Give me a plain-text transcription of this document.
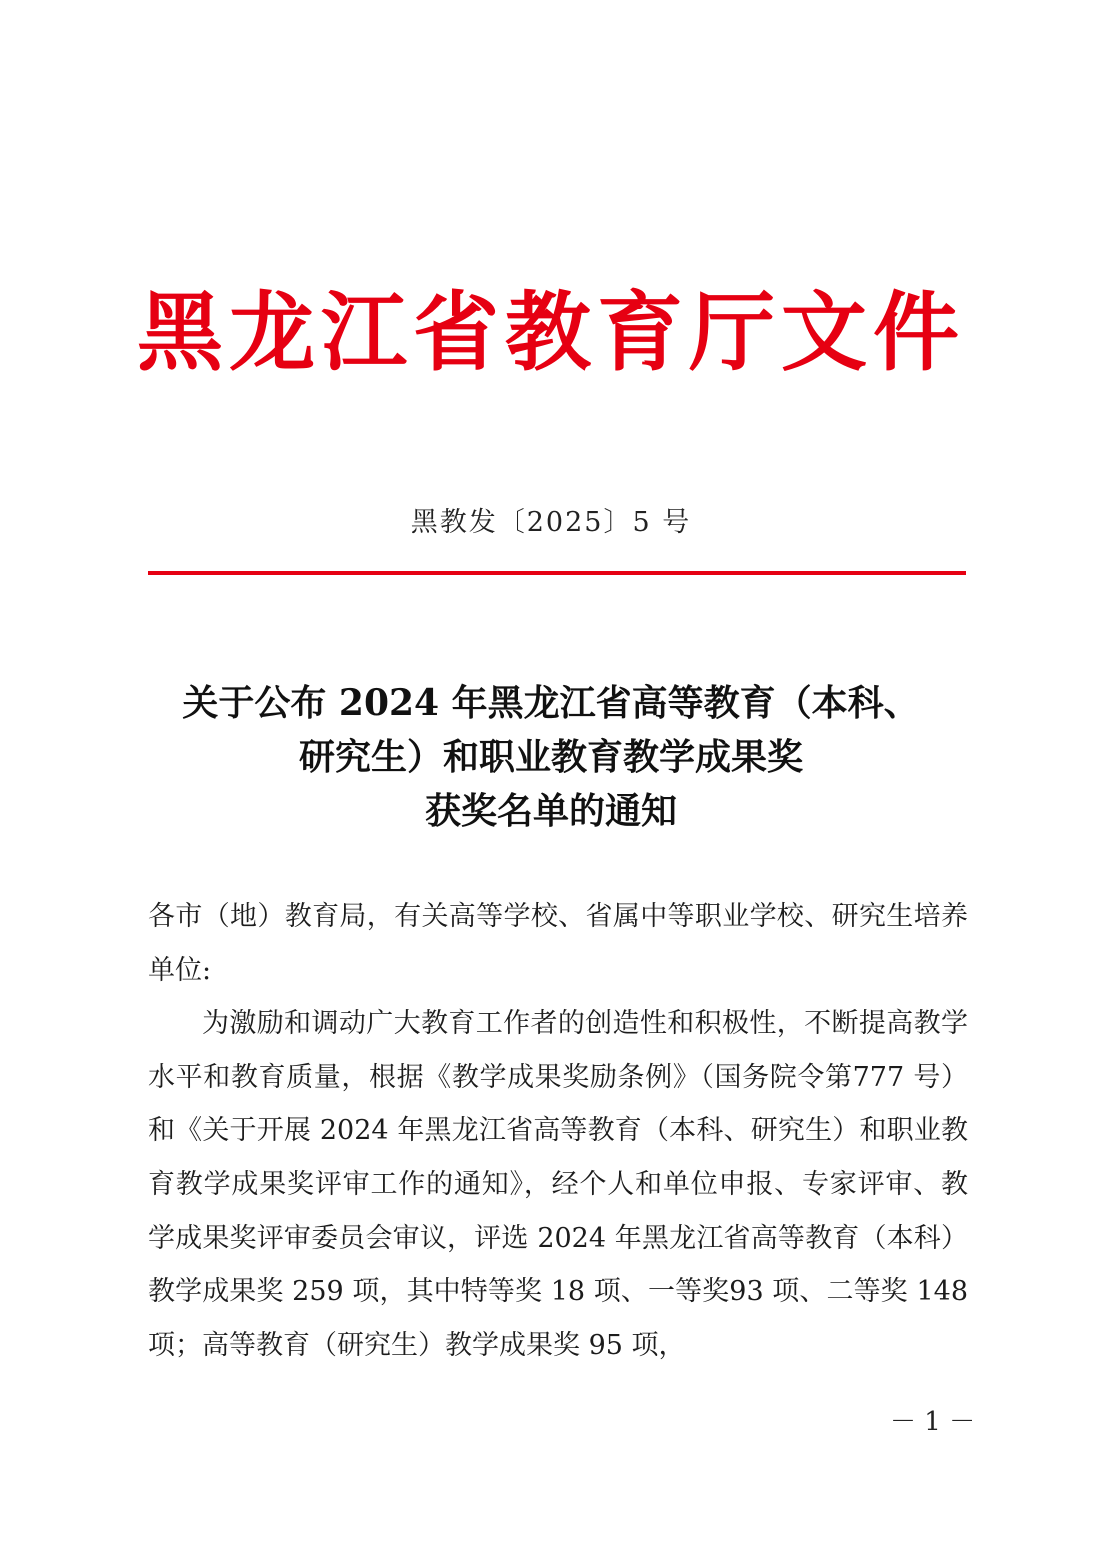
黑龙江省教育厅文件
黑教发〔2025〕5 号
关于公布 2024 年黑龙江省高等教育（本科、
研究生）和职业教育教学成果奖
获奖名单的通知

各市（地）教育局，有关高等学校、省属中等职业学校、研究生培养单位:

为激励和调动广大教育工作者的创造性和积极性，不断提高教学水平和教育质量，根据《教学成果奖励条例》（国务院令第777 号）和《关于开展 2024 年黑龙江省高等教育（本科、研究生）和职业教育教学成果奖评审工作的通知》，经个人和单位申报、专家评审、教学成果奖评审委员会审议，评选 2024 年黑龙江省高等教育（本科）教学成果奖 259 项，其中特等奖 18 项、一等奖93 项、二等奖 148 项；高等教育（研究生）教学成果奖 95 项，

－ 1 －
